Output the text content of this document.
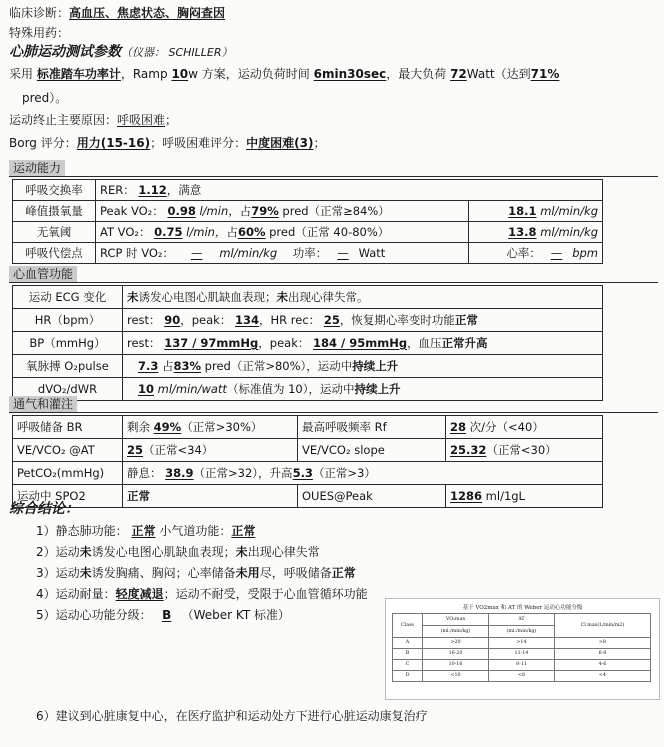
临床诊断：高血压、焦虑状态、胸闷查因
特殊用药：
心肺运动测试参数（仪器： SCHILLER）
采用 标准踏车功率计，Ramp 10w 方案，运动负荷时间 6min30sec，最大负荷 72Watt（达到71%
pred）。
运动终止主要原因：呼吸困难；
Borg 评分：用力(15-16)；呼吸困难评分：中度困难(3)；
运动能力
呼吸交换率	RER： 1.12，满意	
峰值摄氧量	Peak VO₂： 0.98 l/min，占79% pred（正常≥84%）	18.1 ml/min/kg
无氧阈	AT VO₂： 0.75 l/min，占60% pred（正常 40-80%）	13.8 ml/min/kg
呼吸代偿点	RCP 时 VO₂： — ml/min/kg 功率： — Watt	心率： — bpm
心血管功能
运动 ECG 变化	未诱发心电图心肌缺血表现；未出现心律失常。
HR（bpm）	rest： 90，peak： 134，HR rec： 25，恢复期心率变时功能正常
BP（mmHg）	rest： 137 / 97mmHg，peak： 184 / 95mmHg，血压正常升高
氧脉搏 O₂pulse	7.3 占83% pred（正常>80%），运动中持续上升
dVO₂/dWR	10 ml/min/watt（标准值为 10），运动中持续上升
通气和灌注
呼吸储备 BR	剩余 49%（正常>30%）	最高呼吸频率 Rf	28 次/分（<40）
VE/VCO₂ @AT	25（正常<34）	VE/VCO₂ slope	25.32（正常<30）
PetCO₂(mmHg)	静息： 38.9（正常>32），升高5.3（正常>3）		
运动中 SPO2	正常	OUES@Peak	1286 ml/1gL
综合结论：
1）静态肺功能： 正常 小气道功能：正常
2）运动未诱发心电图心肌缺血表现；未出现心律失常
3）运动未诱发胸痛、胸闷；心率储备未用尽，呼吸储备正常
4）运动耐量：轻度减退；运动不耐受，受限于心血管循环功能
5）运动心功能分级： B （Weber KT 标准）
6）建议到心脏康复中心，在医疗监护和运动处方下进行心脏运动康复治疗
基于 VO2max 和 AT 的 Weber 运动心功能分级
Class	VO₂max	AT	Cl max(L/min/m2)
	(ml./min/kg)	(ml./min/kg)	
A	>20	>14	>8
B	16-20	11-14	6-8
C	10-16	8-11	4-6
D	<10	<8	<4
